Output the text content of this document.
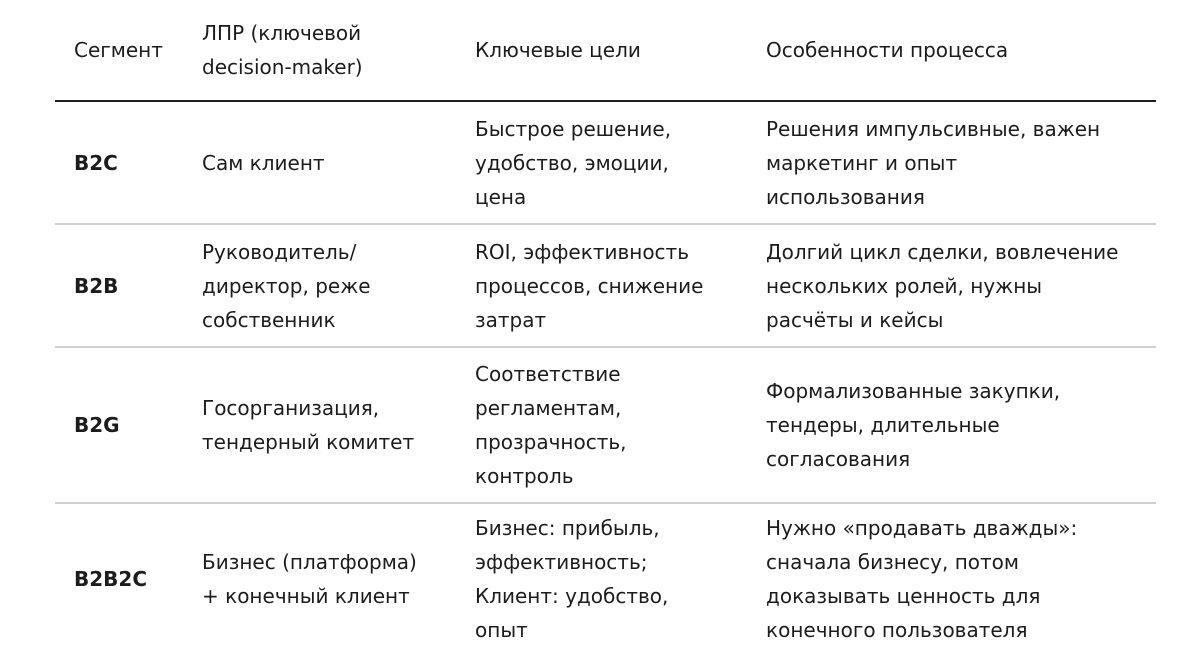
Сегмент
ЛПР (ключевой
decision-maker)
Ключевые цели	Особенности процесса
B2C	Сам клиент
Быстрое решение,
удобство, эмоции,
цена
Решения импульсивные, важен
маркетинг и опыт
использования
B2B
Руководитель/
директор, реже
собственник
ROI, эффективность
процессов, снижение
затрат
Долгий цикл сделки, вовлечение
нескольких ролей, нужны
расчёты и кейсы
B2G
Госорганизация,
тендерный комитет
Соответствие
регламентам,
прозрачность,
контроль
Формализованные закупки,
тендеры, длительные
согласования
B2B2C
Бизнес (платформа)
+ конечный клиент
Бизнес: прибыль,
эффективность;
Клиент: удобство,
опыт
Нужно «продавать дважды»:
сначала бизнесу, потом
доказывать ценность для
конечного пользователя
